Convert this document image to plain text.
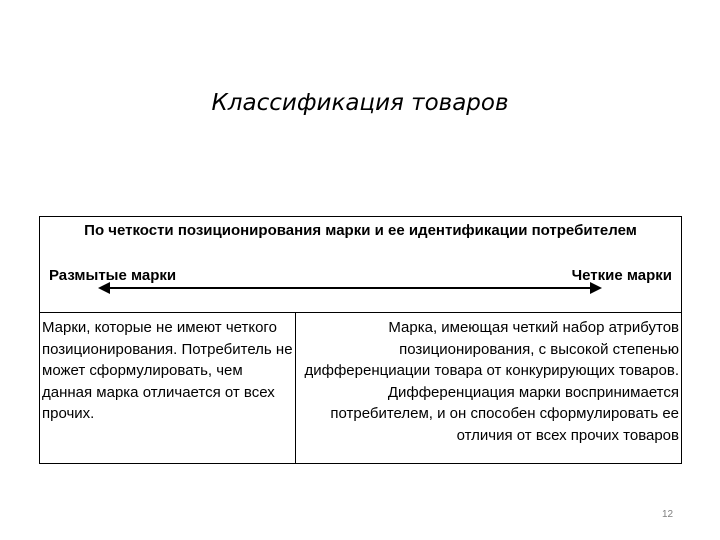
Классификация товаров
По четкости позиционирования марки и ее идентификации потребителем
Размытые марки	Четкие марки

Марки, которые не имеют четкого позиционирования. Потребитель не может сформулировать, чем данная марка отличается от всех прочих.

Марка, имеющая четкий набор атрибутов позиционирования, с высокой степенью дифференциации товара от конкурирующих товаров. Дифференциация марки воспринимается потребителем, и он способен сформулировать ее отличия от всех прочих товаров

12
